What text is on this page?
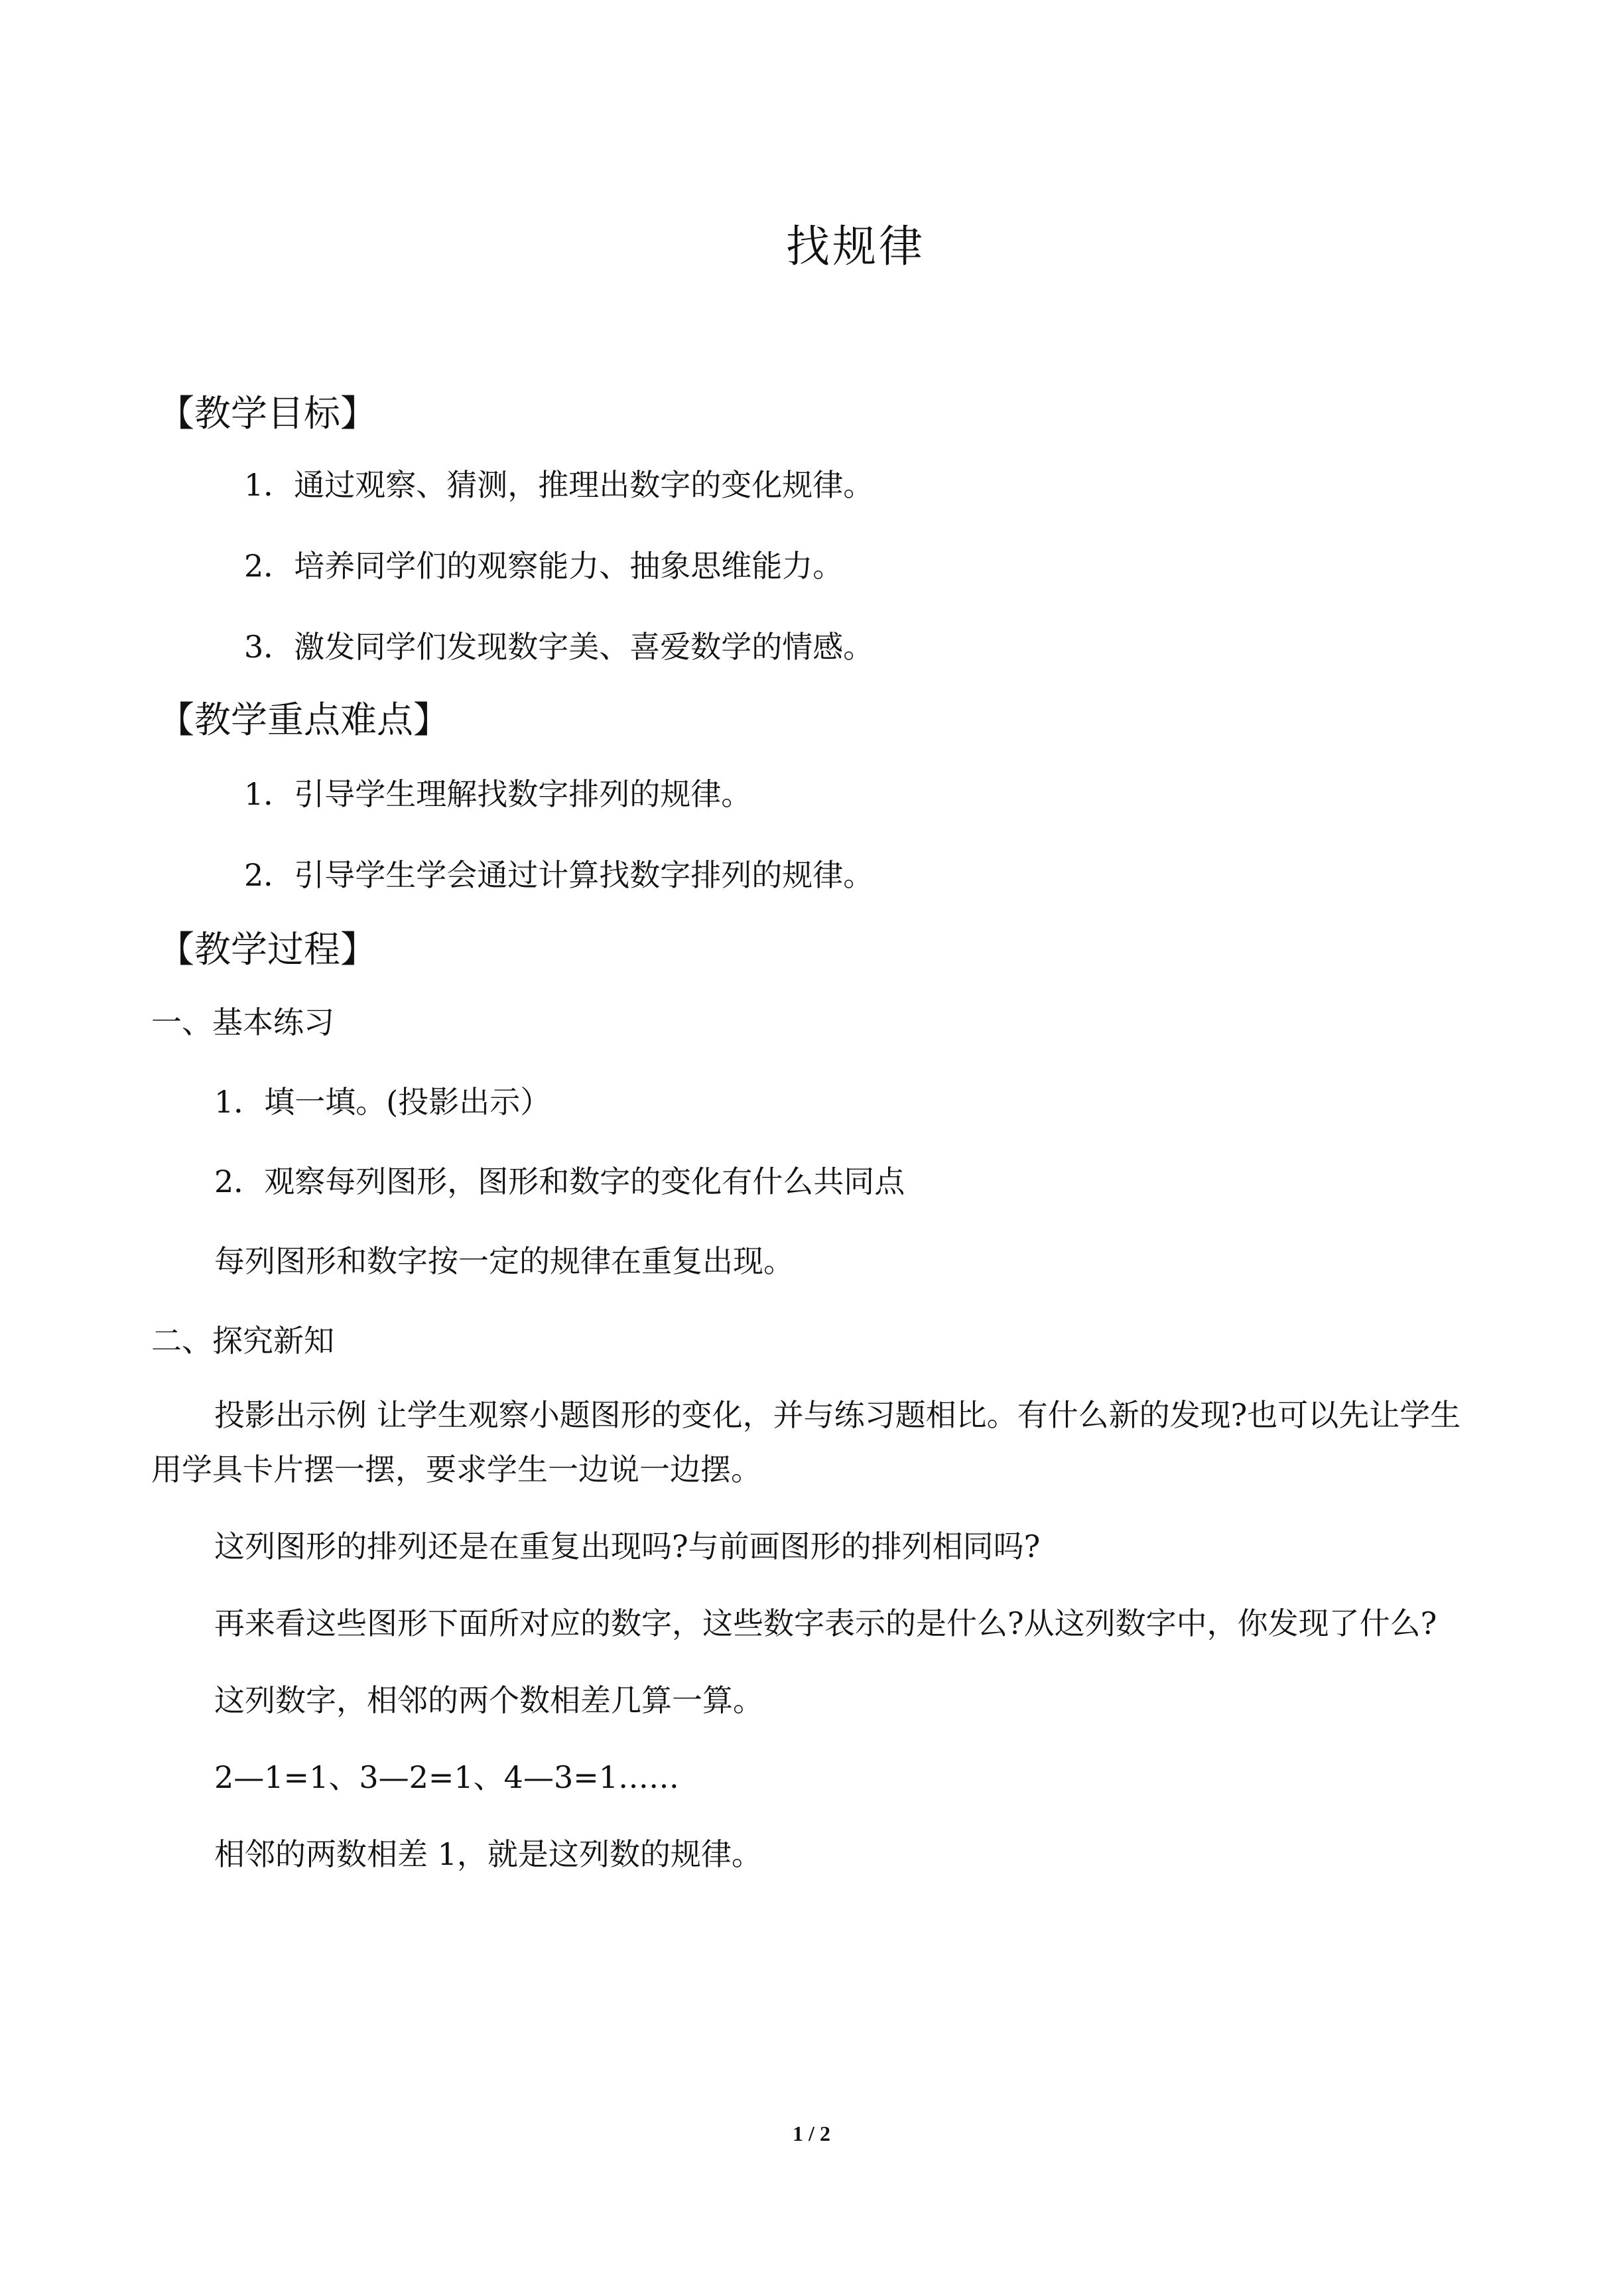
找规律
【教学目标】
1．通过观察、猜测，推理出数字的变化规律。
2．培养同学们的观察能力、抽象思维能力。
3．激发同学们发现数字美、喜爱数学的情感。
【教学重点难点】
1．引导学生理解找数字排列的规律。
2．引导学生学会通过计算找数字排列的规律。
【教学过程】
一、基本练习
1．填一填。(投影出示）
2．观察每列图形，图形和数字的变化有什么共同点
每列图形和数字按一定的规律在重复出现。
二、探究新知
投影出示例 让学生观察小题图形的变化，并与练习题相比。有什么新的发现?也可以先让学生用学具卡片摆一摆，要求学生一边说一边摆。
这列图形的排列还是在重复出现吗?与前画图形的排列相同吗?
再来看这些图形下面所对应的数字，这些数字表示的是什么?从这列数字中，你发现了什么?
这列数字，相邻的两个数相差几算一算。
2—1=1、3—2=1、4—3=1……
相邻的两数相差 1，就是这列数的规律。
1 / 2
